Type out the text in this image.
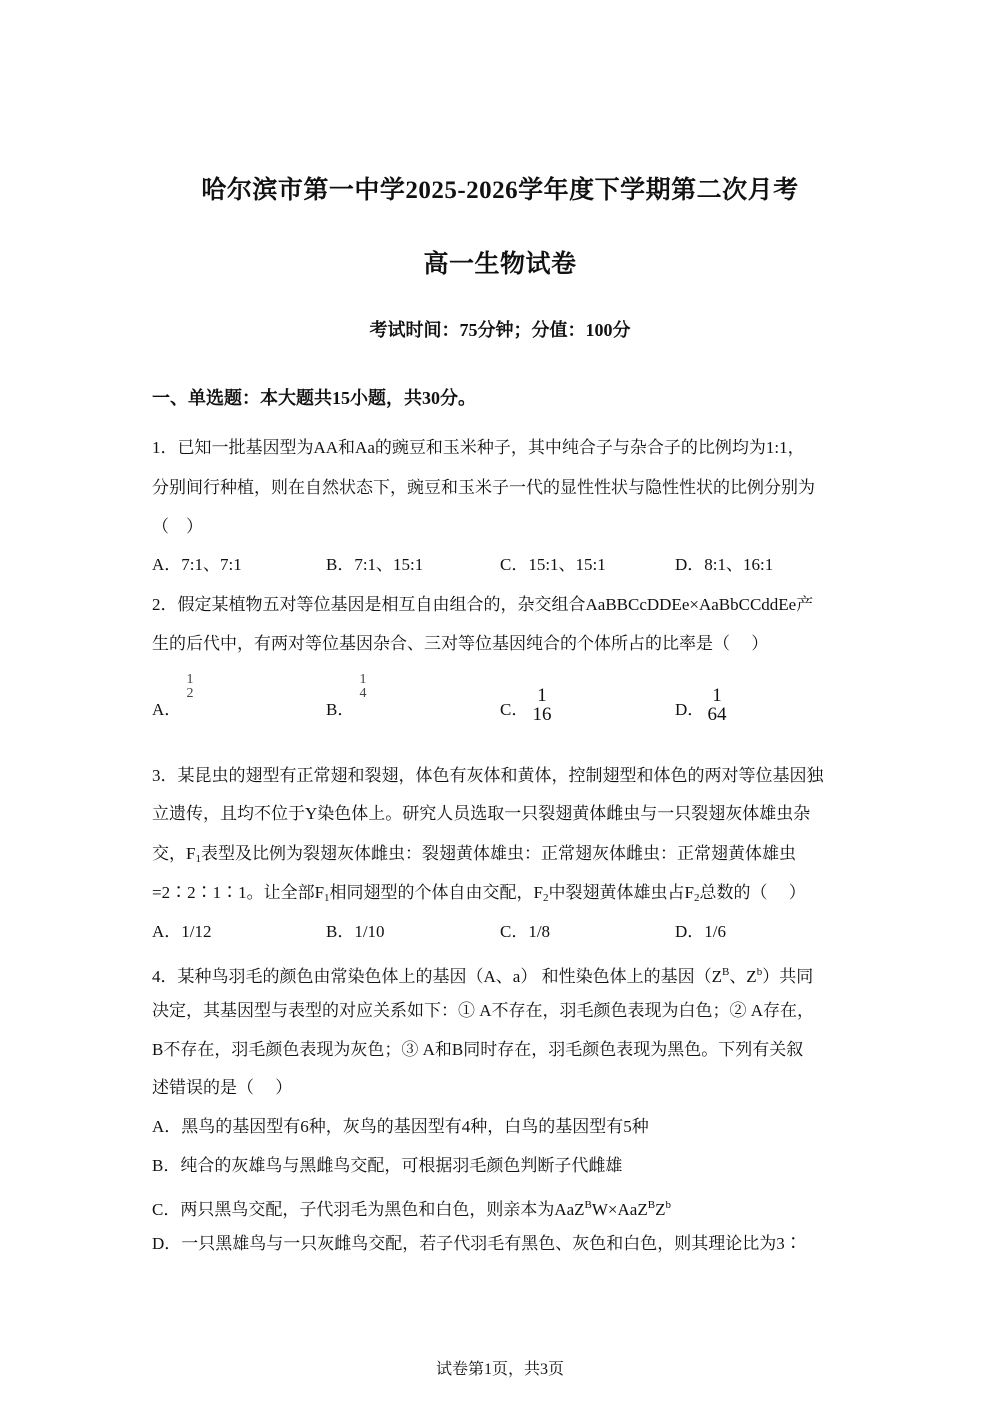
哈尔滨市第一中学2025-2026学年度下学期第二次月考
高一生物试卷
考试时间：75分钟；分值：100分
一、单选题：本大题共15小题，共30分。
1．已知一批基因型为AA和Aa的豌豆和玉米种子，其中纯合子与杂合子的比例均为1:1，
分别间行种植，则在自然状态下，豌豆和玉米子一代的显性性状与隐性性状的比例分别为
（　）
A．7:1、7:1	B．7:1、15:1	C．15:1、15:1	D．8:1、16:1
2．假定某植物五对等位基因是相互自由组合的，杂交组合AaBBCcDDEe×AaBbCCddEe产
生的后代中，有两对等位基因杂合、三对等位基因纯合的个体所占的比率是（　 ）
A．
1
2
B．
1
4
C．
1
16	D．
1
64
3．某昆虫的翅型有正常翅和裂翅，体色有灰体和黄体，控制翅型和体色的两对等位基因独
立遗传，且均不位于Y染色体上。研究人员选取一只裂翅黄体雌虫与一只裂翅灰体雄虫杂
交，$F_1$表型及比例为裂翅灰体雌虫：裂翅黄体雄虫：正常翅灰体雌虫：正常翅黄体雄虫
=2∶2∶1∶1。让全部$F_1$相同翅型的个体自由交配，$F_2$中裂翅黄体雄虫占$F_2$总数的（　 ）
A．1/12	B．1/10	C．1/8	D．1/6
4．某种鸟羽毛的颜色由常染色体上的基因（A、a） 和性染色体上的基因（$Z^B$、$Z^b$）共同
决定，其基因型与表型的对应关系如下：① A不存在，羽毛颜色表现为白色；② A存在，
B不存在，羽毛颜色表现为灰色；③ A和B同时存在，羽毛颜色表现为黑色。下列有关叙
述错误的是（　 ）
A．黑鸟的基因型有6种，灰鸟的基因型有4种，白鸟的基因型有5种
B．纯合的灰雄鸟与黑雌鸟交配，可根据羽毛颜色判断子代雌雄
C．两只黑鸟交配，子代羽毛为黑色和白色，则亲本为$AaZ^BW\times AaZ^BZ^b$
D．一只黑雄鸟与一只灰雌鸟交配，若子代羽毛有黑色、灰色和白色，则其理论比为3∶
试卷第1页，共3页
